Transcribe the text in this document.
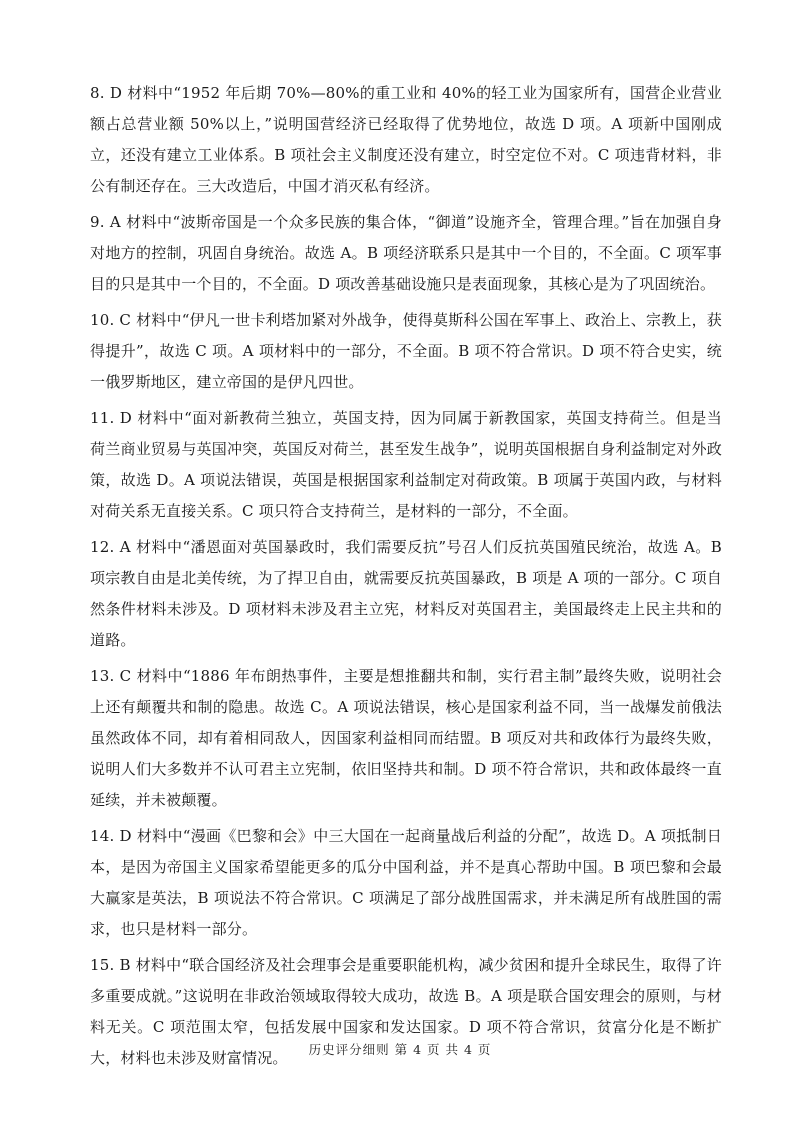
8. D 材料中“1952 年后期 70%—80%的重工业和 40%的轻工业为国家所有，国营企业营业额占总营业额 50%以上，”说明国营经济已经取得了优势地位，故选 D 项。A 项新中国刚成立，还没有建立工业体系。B 项社会主义制度还没有建立，时空定位不对。C 项违背材料，非公有制还存在。三大改造后，中国才消灭私有经济。

9. A 材料中“波斯帝国是一个众多民族的集合体，“御道”设施齐全，管理合理。”旨在加强自身对地方的控制，巩固自身统治。故选 A。B 项经济联系只是其中一个目的，不全面。C 项军事目的只是其中一个目的，不全面。D 项改善基础设施只是表面现象，其核心是为了巩固统治。

10. C 材料中“伊凡一世卡利塔加紧对外战争，使得莫斯科公国在军事上、政治上、宗教上，获得提升”，故选 C 项。A 项材料中的一部分，不全面。B 项不符合常识。D 项不符合史实，统一俄罗斯地区，建立帝国的是伊凡四世。

11. D 材料中“面对新教荷兰独立，英国支持，因为同属于新教国家，英国支持荷兰。但是当荷兰商业贸易与英国冲突，英国反对荷兰，甚至发生战争”，说明英国根据自身利益制定对外政策，故选 D。A 项说法错误，英国是根据国家利益制定对荷政策。B 项属于英国内政，与材料对荷关系无直接关系。C 项只符合支持荷兰，是材料的一部分，不全面。

12. A 材料中“潘恩面对英国暴政时，我们需要反抗”号召人们反抗英国殖民统治，故选 A。B 项宗教自由是北美传统，为了捍卫自由，就需要反抗英国暴政，B 项是 A 项的一部分。C 项自然条件材料未涉及。D 项材料未涉及君主立宪，材料反对英国君主，美国最终走上民主共和的道路。

13. C 材料中“1886 年布朗热事件，主要是想推翻共和制，实行君主制”最终失败，说明社会上还有颠覆共和制的隐患。故选 C。A 项说法错误，核心是国家利益不同，当一战爆发前俄法虽然政体不同，却有着相同敌人，因国家利益相同而结盟。B 项反对共和政体行为最终失败，说明人们大多数并不认可君主立宪制，依旧坚持共和制。D 项不符合常识，共和政体最终一直延续，并未被颠覆。

14. D 材料中“漫画《巴黎和会》中三大国在一起商量战后利益的分配”，故选 D。A 项抵制日本，是因为帝国主义国家希望能更多的瓜分中国利益，并不是真心帮助中国。B 项巴黎和会最大赢家是英法，B 项说法不符合常识。C 项满足了部分战胜国需求，并未满足所有战胜国的需求，也只是材料一部分。

15. B 材料中“联合国经济及社会理事会是重要职能机构，减少贫困和提升全球民生，取得了许多重要成就。”这说明在非政治领域取得较大成功，故选 B。A 项是联合国安理会的原则，与材料无关。C 项范围太窄，包括发展中国家和发达国家。D 项不符合常识，贫富分化是不断扩大，材料也未涉及财富情况。	历史评分细则 第 4 页 共 4 页
